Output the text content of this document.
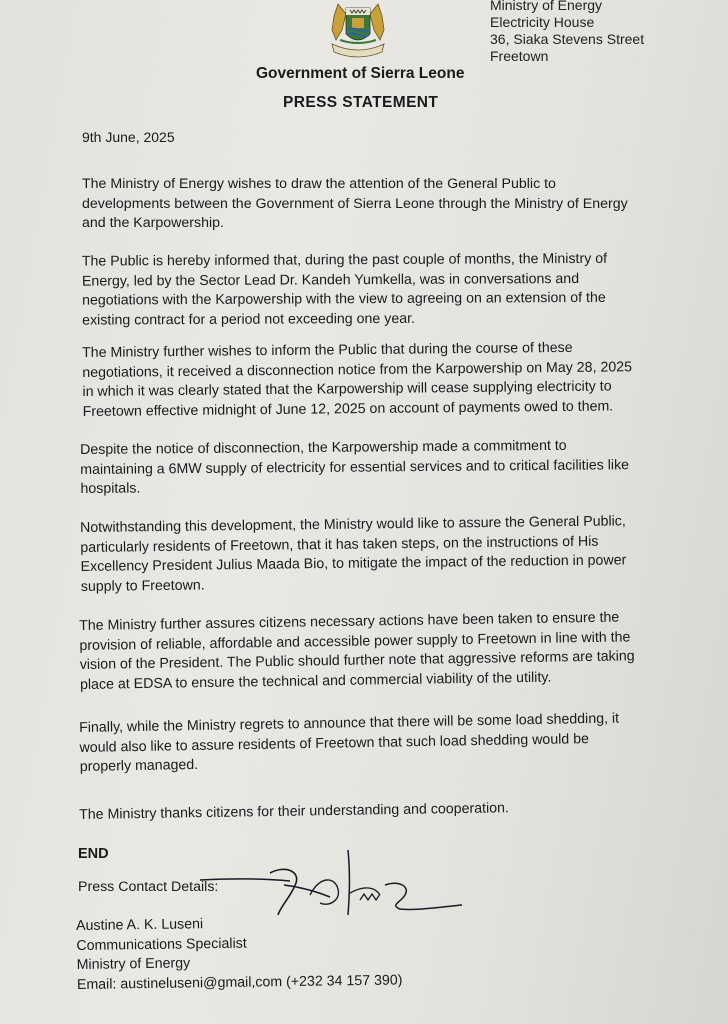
Ministry of Energy
Electricity House
36, Siaka Stevens Street
Freetown
Government of Sierra Leone
PRESS STATEMENT
9th June, 2025
The Ministry of Energy wishes to draw the attention of the General Public to
developments between the Government of Sierra Leone through the Ministry of Energy
and the Karpowership.
The Public is hereby informed that, during the past couple of months, the Ministry of
Energy, led by the Sector Lead Dr. Kandeh Yumkella, was in conversations and
negotiations with the Karpowership with the view to agreeing on an extension of the
existing contract for a period not exceeding one year.
The Ministry further wishes to inform the Public that during the course of these
negotiations, it received a disconnection notice from the Karpowership on May 28, 2025
in which it was clearly stated that the Karpowership will cease supplying electricity to
Freetown effective midnight of June 12, 2025 on account of payments owed to them.
Despite the notice of disconnection, the Karpowership made a commitment to
maintaining a 6MW supply of electricity for essential services and to critical facilities like
hospitals.
Notwithstanding this development, the Ministry would like to assure the General Public,
particularly residents of Freetown, that it has taken steps, on the instructions of His
Excellency President Julius Maada Bio, to mitigate the impact of the reduction in power
supply to Freetown.
The Ministry further assures citizens necessary actions have been taken to ensure the
provision of reliable, affordable and accessible power supply to Freetown in line with the
vision of the President. The Public should further note that aggressive reforms are taking
place at EDSA to ensure the technical and commercial viability of the utility.
Finally, while the Ministry regrets to announce that there will be some load shedding, it
would also like to assure residents of Freetown that such load shedding would be
properly managed.
The Ministry thanks citizens for their understanding and cooperation.
END
Press Contact Details:
Austine A. K. Luseni
Communications Specialist
Ministry of Energy
Email: austineluseni@gmail,com (+232 34 157 390)
